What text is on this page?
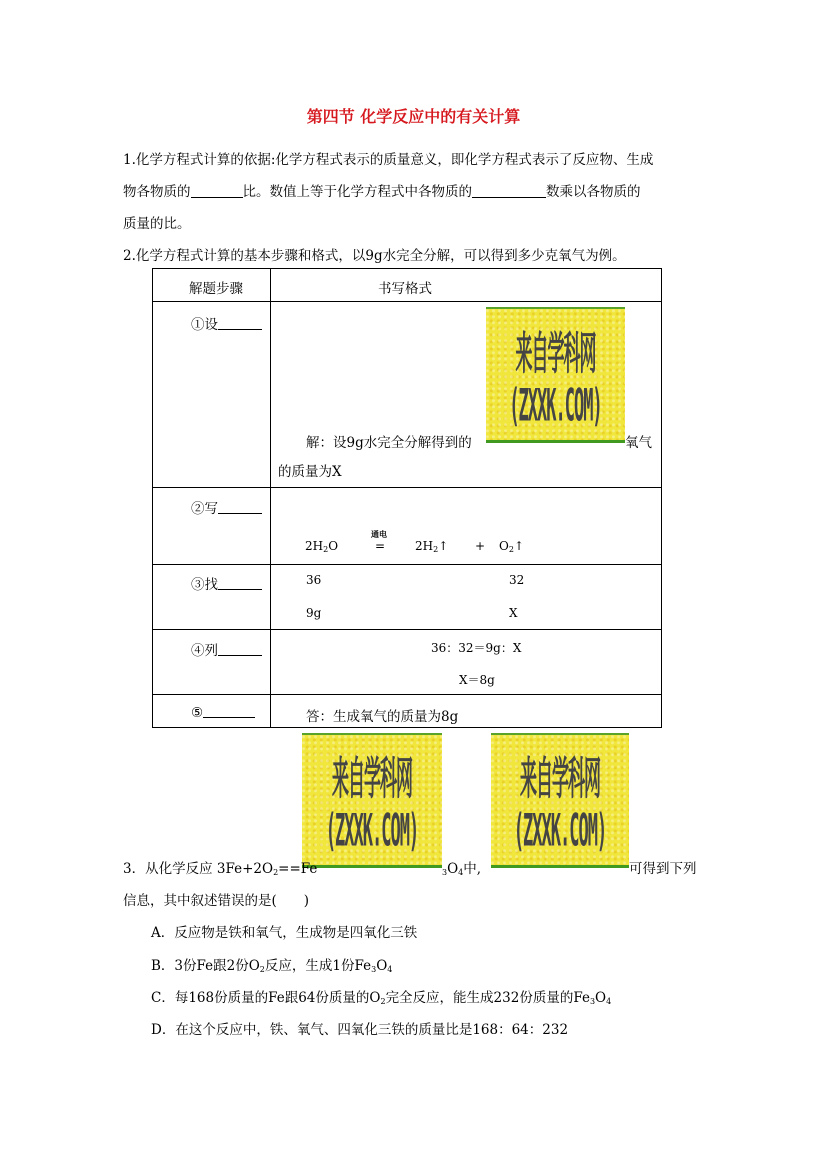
第四节 化学反应中的有关计算
1.化学方程式计算的依据:化学方程式表示的质量意义，即化学方程式表示了反应物、生成
物各物质的	比。数值上等于化学方程式中各物质的	数乘以各物质的
质量的比。
2.化学方程式计算的基本步骤和格式，以9g水完全分解，可以得到多少克氧气为例。
解题步骤	书写格式
①设
解：设9g水完全分解得到的	氧气
的质量为X
②写
$2H_2O$
通电
= $2H_2↑$ + $O_2↑$
③找	36	32
9g	X
④列	36：32＝9g：X
X＝8g
⑤	答：生成氧气的质量为8g
来自学科网(ZXXK.COM)
来自学科网(ZXXK.COM)
来自学科网(ZXXK.COM)
3．从化学反应 $3Fe+2O_2==Fe$	$_3O_4$中,	可得到下列
信息，其中叙述错误的是(　　)
A．反应物是铁和氧气，生成物是四氧化三铁
B．3份Fe跟2份$O_2$反应，生成1份$Fe_3O_4$
C．每168份质量的Fe跟64份质量的$O_2$完全反应，能生成232份质量的$Fe_3O_4$
D．在这个反应中，铁、氧气、四氧化三铁的质量比是168：64：232
